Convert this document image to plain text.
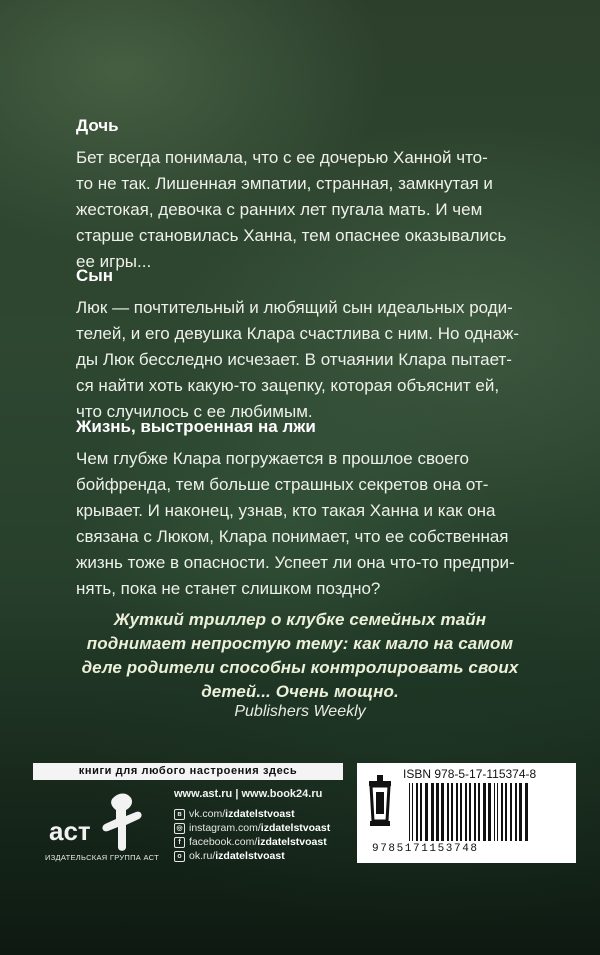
Дочь

Бет всегда понимала, что с ее дочерью Ханной что-
то не так. Лишенная эмпатии, странная, замкнутая и
жестокая, девочка с ранних лет пугала мать. И чем
старше становилась Ханна, тем опаснее оказывались
ее игры...

Сын

Люк — почтительный и любящий сын идеальных роди-
телей, и его девушка Клара счастлива с ним. Но однаж-
ды Люк бесследно исчезает. В отчаянии Клара пытает-
ся найти хоть какую-то зацепку, которая объяснит ей,
что случилось с ее любимым.

Жизнь, выстроенная на лжи

Чем глубже Клара погружается в прошлое своего
бойфренда, тем больше страшных секретов она от-
крывает. И наконец, узнав, кто такая Ханна и как она
связана с Люком, Клара понимает, что ее собственная
жизнь тоже в опасности. Успеет ли она что-то предпри-
нять, пока не станет слишком поздно?

Жуткий триллер о клубке семейных тайн
поднимает непростую тему: как мало на самом
деле родители способны контролировать своих
детей... Очень мощно.
Publishers Weekly
книги для любого настроения здесь
аст
ИЗДАТЕЛЬСКАЯ ГРУППА АСТ
www.ast.ru | www.book24.ru
в vk.com/ izdatelstvoast
◎ instagram.com/ izdatelstvoast
f facebook.com/ izdatelstvoast
о ok.ru/ izdatelstvoast
ISBN 978-5-17-115374-8
9785171153748
